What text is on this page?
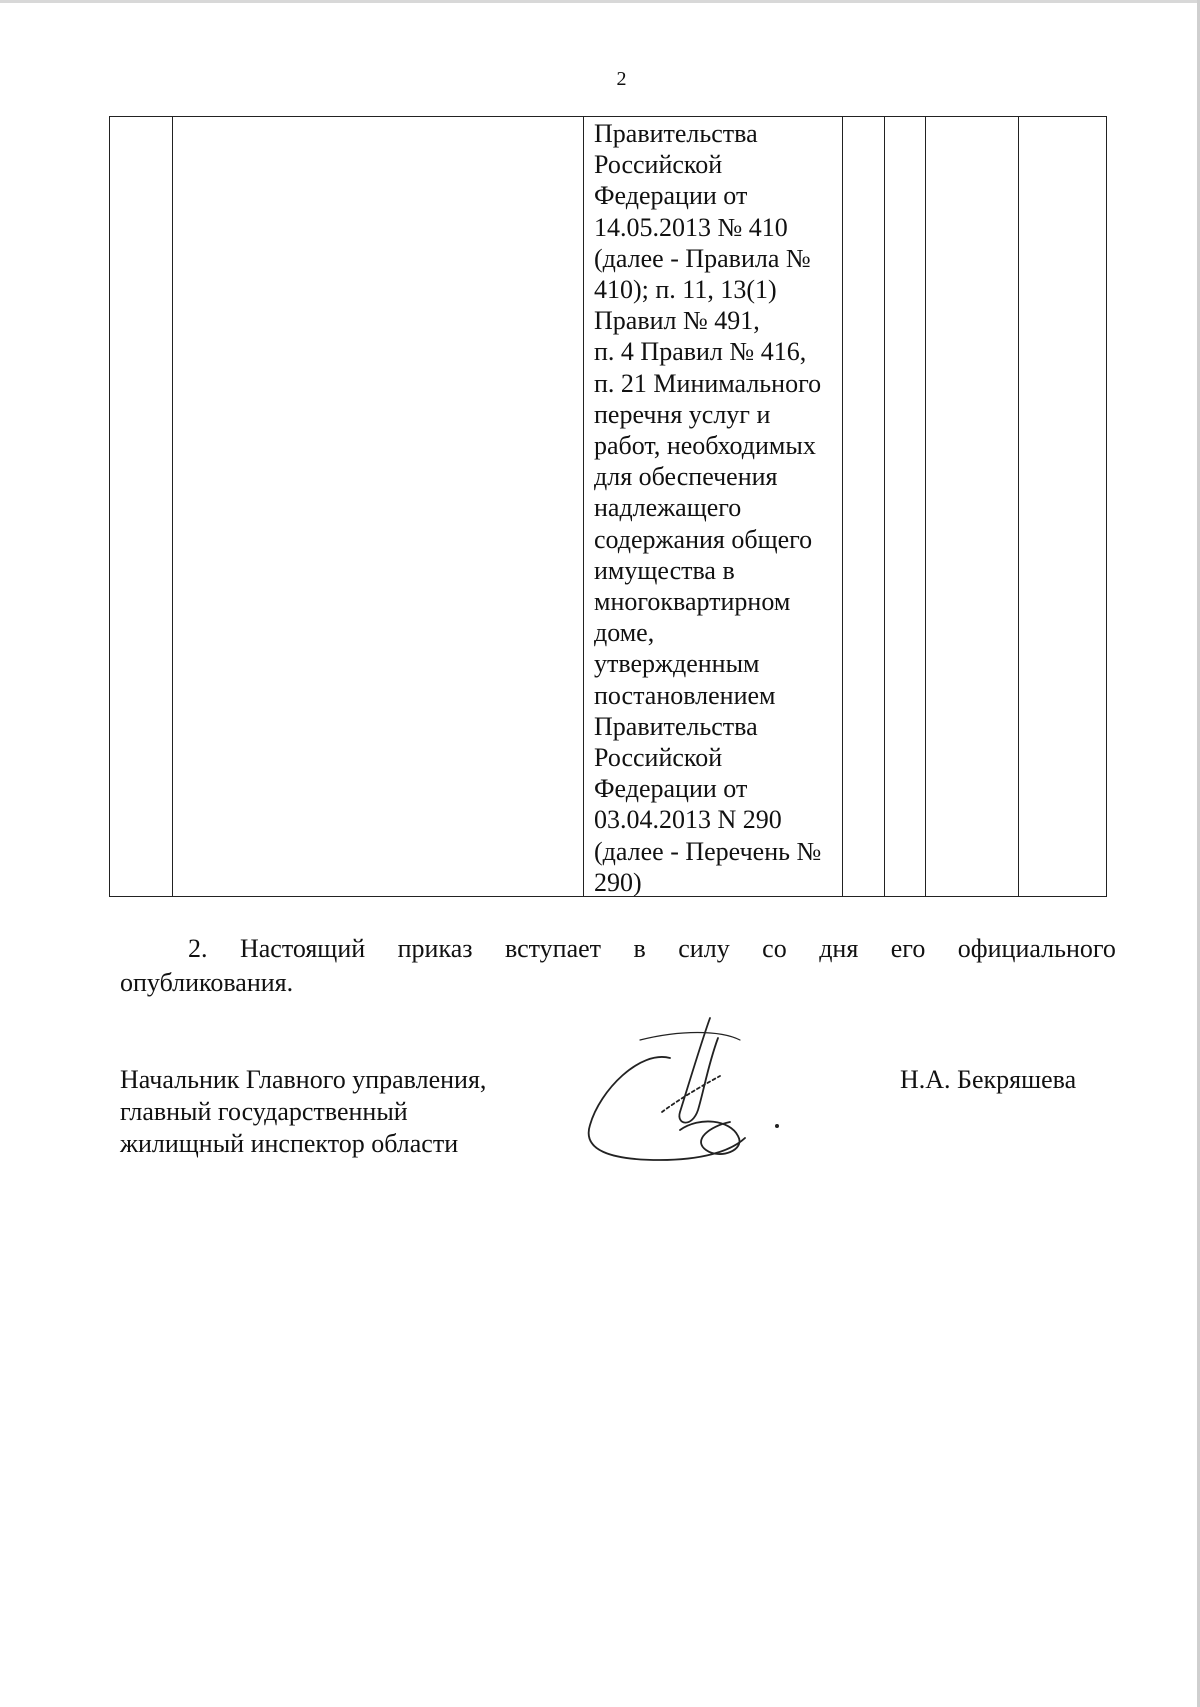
2
Правительства
Российской
Федерации от
14.05.2013 № 410
(далее - Правила №
410); п. 11, 13(1)
Правил № 491,
п. 4 Правил № 416,
п. 21 Минимального
перечня услуг и
работ, необходимых
для обеспечения
надлежащего
содержания общего
имущества в
многоквартирном
доме,
утвержденным
постановлением
Правительства
Российской
Федерации от
03.04.2013 N 290
(далее - Перечень №
290)
2. Настоящий приказ вступает в силу со дня его официального
опубликования.
Начальник Главного управления,
главный государственный
жилищный инспектор области
Н.А. Бекряшева
